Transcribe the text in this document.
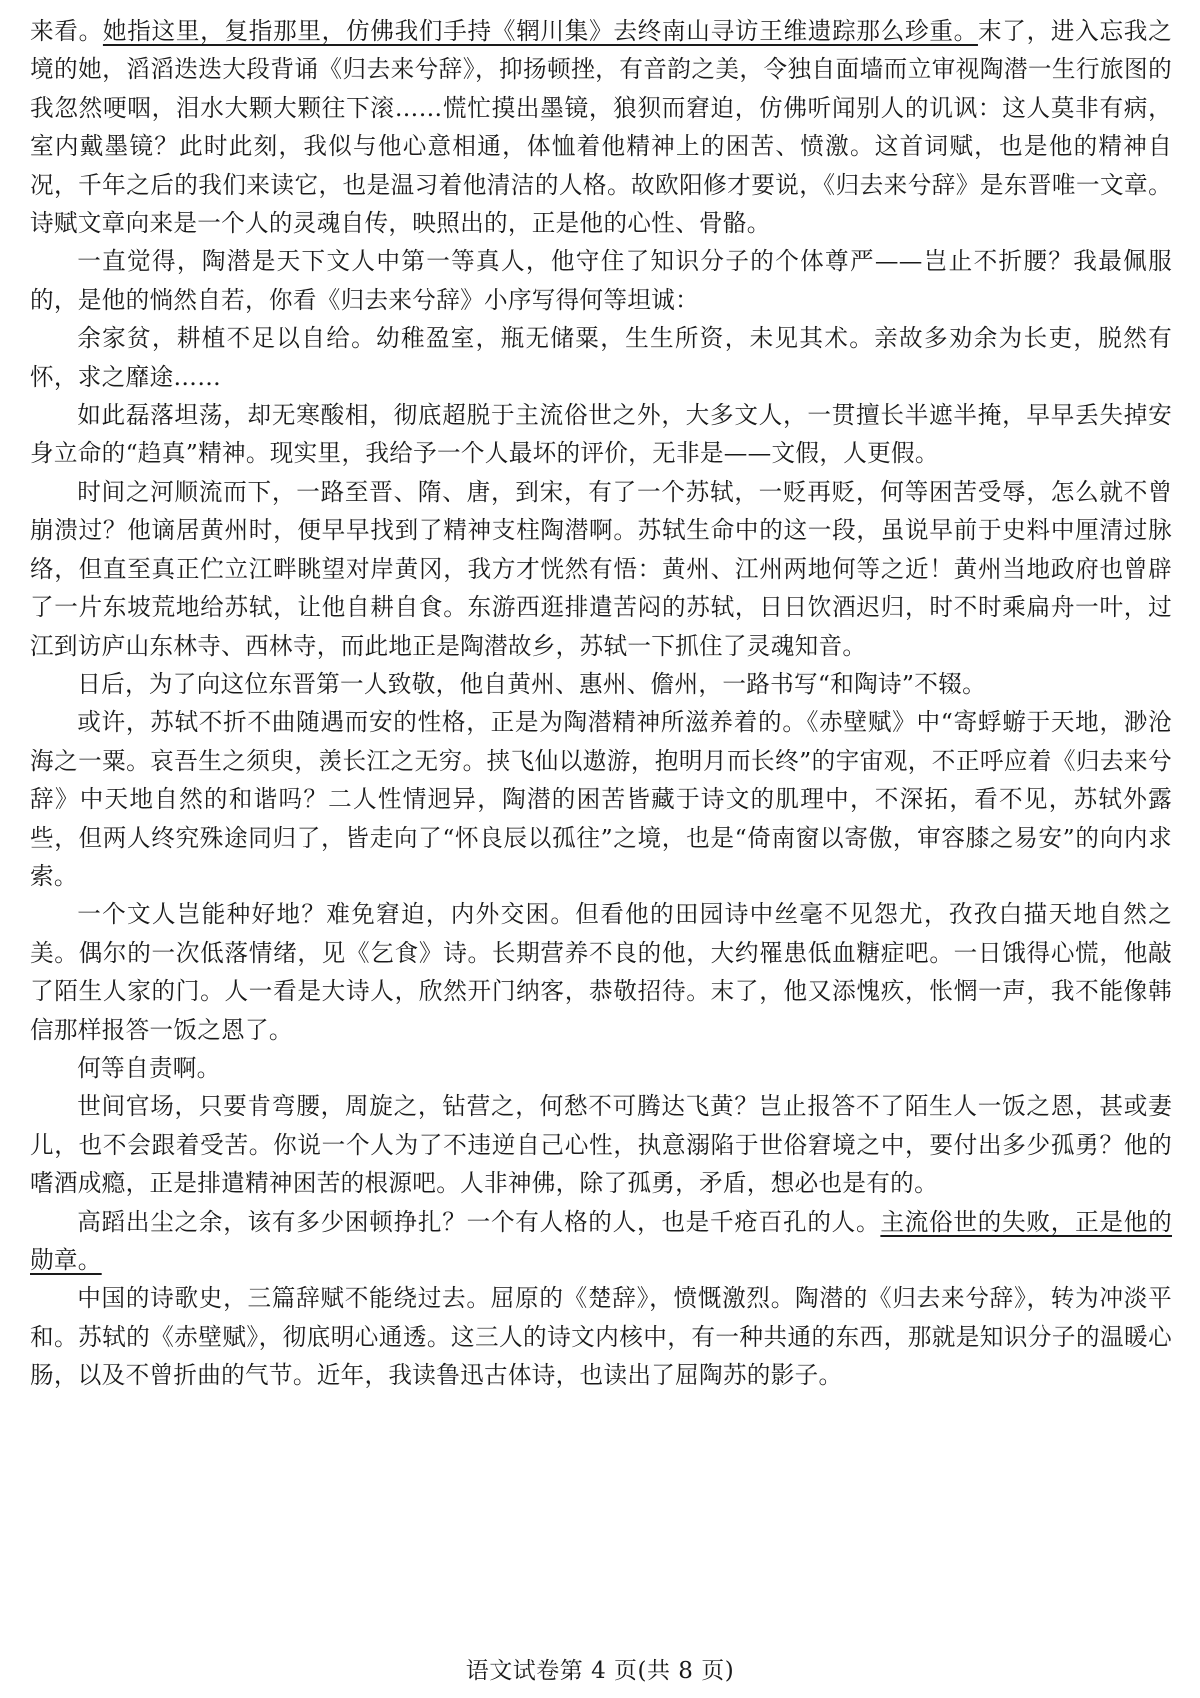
来看。她指这里，复指那里，仿佛我们手持《辋川集》去终南山寻访王维遗踪那么珍重。末了，进入忘我之境的她，滔滔迭迭大段背诵《归去来兮辞》，抑扬顿挫，有音韵之美，令独自面墙而立审视陶潜一生行旅图的我忽然哽咽，泪水大颗大颗往下滚……慌忙摸出墨镜，狼狈而窘迫，仿佛听闻别人的讥讽：这人莫非有病，室内戴墨镜？此时此刻，我似与他心意相通，体恤着他精神上的困苦、愤激。这首词赋，也是他的精神自况，千年之后的我们来读它，也是温习着他清洁的人格。故欧阳修才要说，《归去来兮辞》是东晋唯一文章。诗赋文章向来是一个人的灵魂自传，映照出的，正是他的心性、骨骼。

一直觉得，陶潜是天下文人中第一等真人，他守住了知识分子的个体尊严——岂止不折腰？我最佩服的，是他的惝然自若，你看《归去来兮辞》小序写得何等坦诚：

余家贫，耕植不足以自给。幼稚盈室，瓶无储粟，生生所资，未见其术。亲故多劝余为长吏，脱然有怀，求之靡途……

如此磊落坦荡，却无寒酸相，彻底超脱于主流俗世之外，大多文人，一贯擅长半遮半掩，早早丢失掉安身立命的“趋真”精神。现实里，我给予一个人最坏的评价，无非是——文假，人更假。

时间之河顺流而下，一路至晋、隋、唐，到宋，有了一个苏轼，一贬再贬，何等困苦受辱，怎么就不曾崩溃过？他谪居黄州时，便早早找到了精神支柱陶潜啊。苏轼生命中的这一段，虽说早前于史料中厘清过脉络，但直至真正伫立江畔眺望对岸黄冈，我方才恍然有悟：黄州、江州两地何等之近！黄州当地政府也曾辟了一片东坡荒地给苏轼，让他自耕自食。东游西逛排遣苦闷的苏轼，日日饮酒迟归，时不时乘扁舟一叶，过江到访庐山东林寺、西林寺，而此地正是陶潜故乡，苏轼一下抓住了灵魂知音。

日后，为了向这位东晋第一人致敬，他自黄州、惠州、儋州，一路书写“和陶诗”不辍。

或许，苏轼不折不曲随遇而安的性格，正是为陶潜精神所滋养着的。《赤壁赋》中“寄蜉蝣于天地，渺沧海之一粟。哀吾生之须臾，羡长江之无穷。挟飞仙以遨游，抱明月而长终”的宇宙观，不正呼应着《归去来兮辞》中天地自然的和谐吗？二人性情迥异，陶潜的困苦皆藏于诗文的肌理中，不深拓，看不见，苏轼外露些，但两人终究殊途同归了，皆走向了“怀良辰以孤往”之境，也是“倚南窗以寄傲，审容膝之易安”的向内求索。

一个文人岂能种好地？难免窘迫，内外交困。但看他的田园诗中丝毫不见怨尤，孜孜白描天地自然之美。偶尔的一次低落情绪，见《乞食》诗。长期营养不良的他，大约罹患低血糖症吧。一日饿得心慌，他敲了陌生人家的门。人一看是大诗人，欣然开门纳客，恭敬招待。末了，他又添愧疚，怅惘一声，我不能像韩信那样报答一饭之恩了。

何等自责啊。

世间官场，只要肯弯腰，周旋之，钻营之，何愁不可腾达飞黄？岂止报答不了陌生人一饭之恩，甚或妻儿，也不会跟着受苦。你说一个人为了不违逆自己心性，执意溺陷于世俗窘境之中，要付出多少孤勇？他的嗜酒成瘾，正是排遣精神困苦的根源吧。人非神佛，除了孤勇，矛盾，想必也是有的。

高蹈出尘之余，该有多少困顿挣扎？一个有人格的人，也是千疮百孔的人。主流俗世的失败，正是他的勋章。

中国的诗歌史，三篇辞赋不能绕过去。屈原的《楚辞》，愤慨激烈。陶潜的《归去来兮辞》，转为冲淡平和。苏轼的《赤壁赋》，彻底明心通透。这三人的诗文内核中，有一种共通的东西，那就是知识分子的温暖心肠，以及不曾折曲的气节。近年，我读鲁迅古体诗，也读出了屈陶苏的影子。

语文试卷第 4 页(共 8 页)
